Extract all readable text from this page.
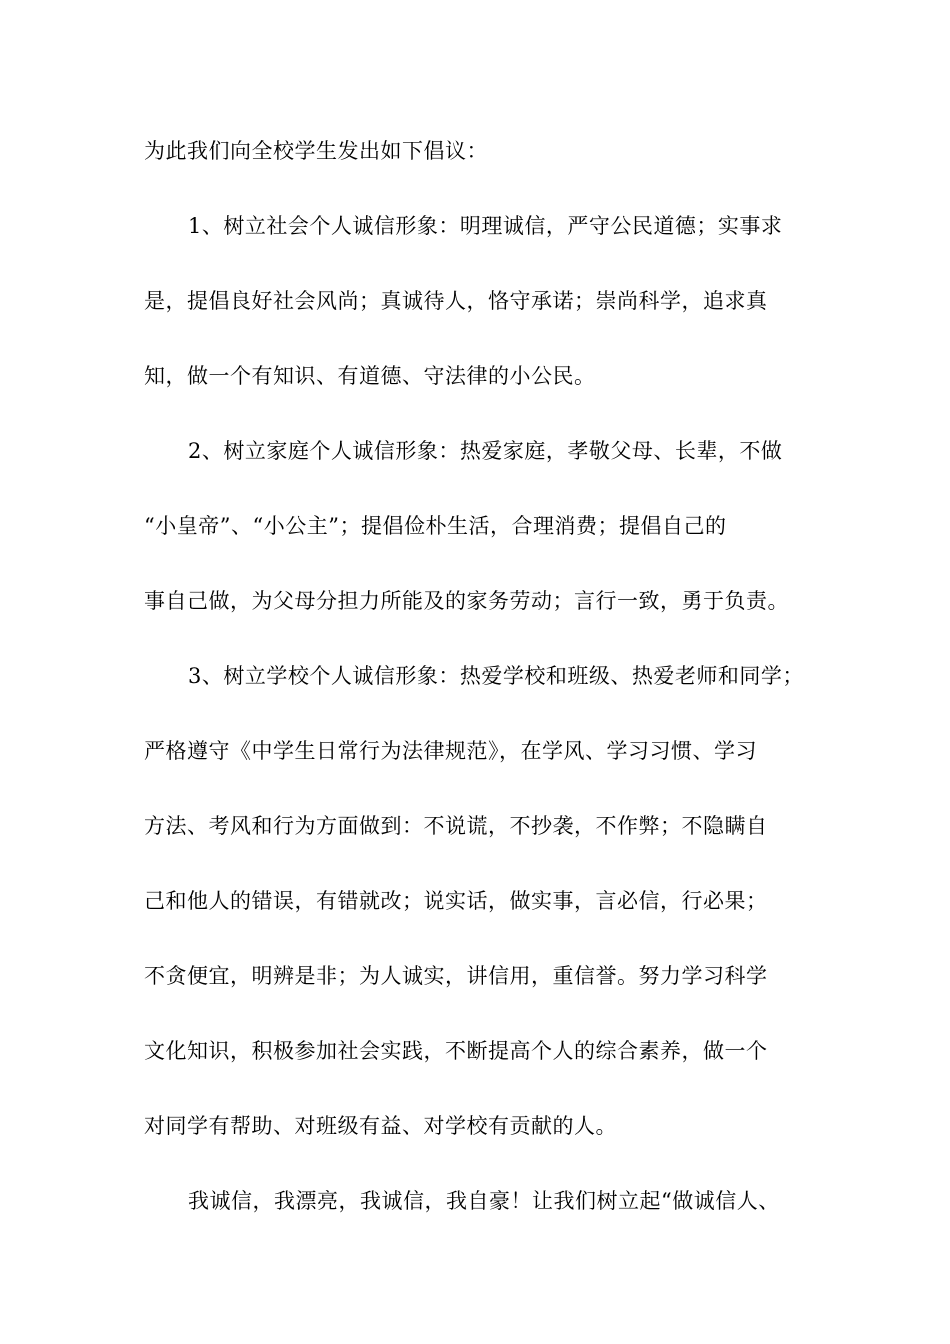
为此我们向全校学生发出如下倡议：
1、树立社会个人诚信形象：明理诚信，严守公民道德；实事求
是，提倡良好社会风尚；真诚待人，恪守承诺；崇尚科学，追求真
知，做一个有知识、有道德、守法律的小公民。
2、树立家庭个人诚信形象：热爱家庭，孝敬父母、长辈，不做
“小皇帝”、“小公主”；提倡俭朴生活，合理消费；提倡自己的
事自己做，为父母分担力所能及的家务劳动；言行一致，勇于负责。
3、树立学校个人诚信形象：热爱学校和班级、热爱老师和同学；
严格遵守《中学生日常行为法律规范》，在学风、学习习惯、学习
方法、考风和行为方面做到：不说谎，不抄袭，不作弊；不隐瞒自
己和他人的错误，有错就改；说实话，做实事，言必信，行必果；
不贪便宜，明辨是非；为人诚实，讲信用，重信誉。努力学习科学
文化知识，积极参加社会实践，不断提高个人的综合素养，做一个
对同学有帮助、对班级有益、对学校有贡献的人。
我诚信，我漂亮，我诚信，我自豪！让我们树立起“做诚信人、
